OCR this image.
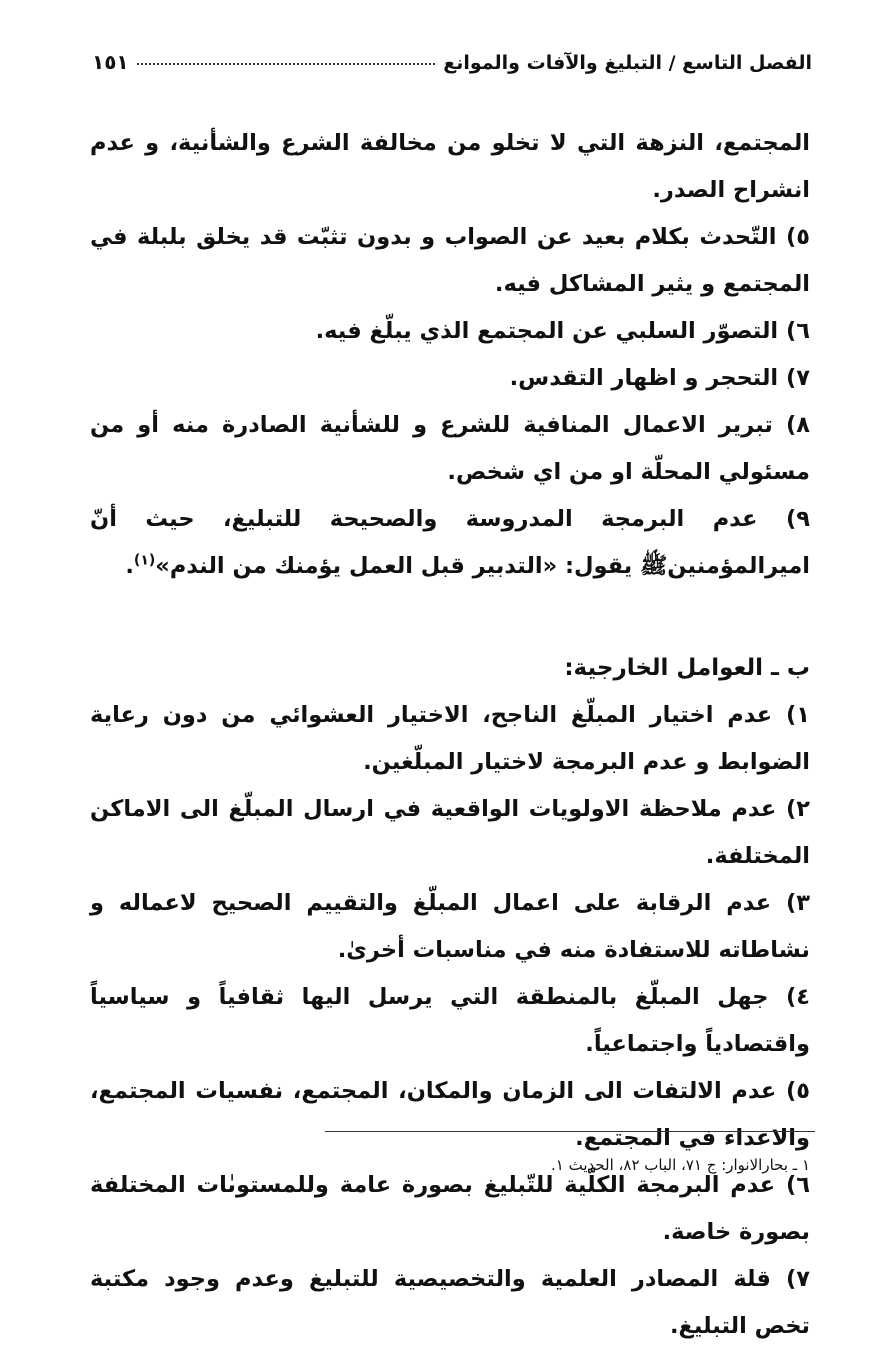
الفصل التاسع / التبليغ والآفات والموانع
١٥١

المجتمع، النزهة التي لا تخلو من مخالفة الشرع والشأنية، و عدم انشراح الصدر.

٥) التّحدث بكلام بعيد عن الصواب و بدون تثبّت قد يخلق بلبلة في المجتمع و يثير المشاكل فيه.

٦) التصوّر السلبي عن المجتمع الذي يبلّغ فيه.

٧) التحجر و اظهار التقدس.

٨) تبرير الاعمال المنافية للشرع و للشأنية الصادرة منه أو من مسئولي المحلّة او من اي شخص.

٩) عدم البرمجة المدروسة والصحيحة للتبليغ، حيث أنّ اميرالمؤمنينﷺ يقول: «التدبير قبل العمل يؤمنك من الندم»$^{(١)}$.

ب ـ العوامل الخارجية:

١) عدم اختيار المبلّغ الناجح، الاختيار العشوائي من دون رعاية الضوابط و عدم البرمجة لاختيار المبلّغين.

٢) عدم ملاحظة الاولويات الواقعية في ارسال المبلّغ الى الاماكن المختلفة.

٣) عدم الرقابة على اعمال المبلّغ والتقييم الصحيح لاعماله و نشاطاته للاستفادة منه في مناسبات أخرىٰ.

٤) جهل المبلّغ بالمنطقة التي يرسل اليها ثقافياً و سياسياً واقتصادياً واجتماعياً.

٥) عدم الالتفات الى الزمان والمكان، المجتمع، نفسيات المجتمع، والاعداء في المجتمع.

٦) عدم البرمجة الكلّية للتّبليغ بصورة عامة وللمستوىٰات المختلفة بصورة خاصة.

٧) قلة المصادر العلمية والتخصيصية للتبليغ وعدم وجود مكتبة تخص التبليغ.

١ ـ بحارالانوار: ج ٧١، الباب ٨٢، الحديث ١.
